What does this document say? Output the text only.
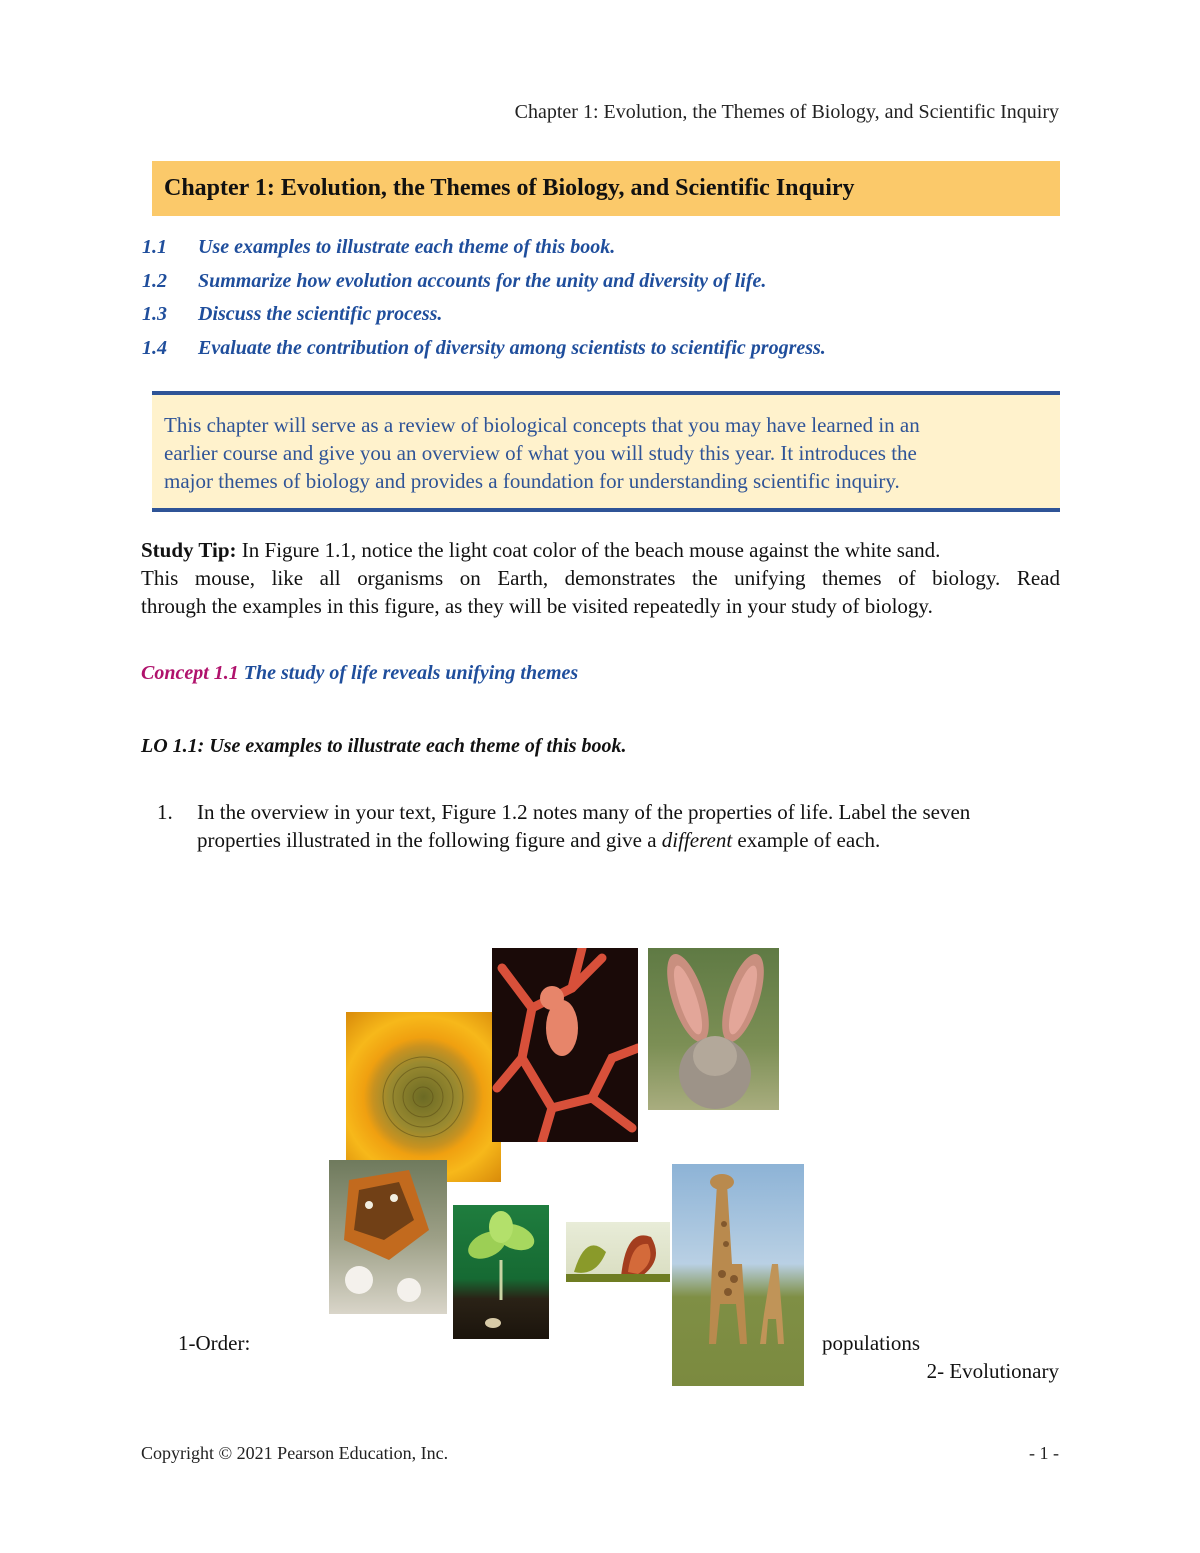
Chapter 1: Evolution, the Themes of Biology, and Scientific Inquiry
Chapter 1: Evolution, the Themes of Biology, and Scientific Inquiry
1.1	Use examples to illustrate each theme of this book.
1.2	Summarize how evolution accounts for the unity and diversity of life.
1.3	Discuss the scientific process.
1.4	Evaluate the contribution of diversity among scientists to scientific progress.
This chapter will serve as a review of biological concepts that you may have learned in an
earlier course and give you an overview of what you will study this year. It introduces the
major themes of biology and provides a foundation for understanding scientific inquiry.
Study Tip: In Figure 1.1, notice the light coat color of the beach mouse against the white sand.
This mouse, like all organisms on Earth, demonstrates the unifying themes of biology. Read
through the examples in this figure, as they will be visited repeatedly in your study of biology.
Concept 1.1 The study of life reveals unifying themes
LO 1.1: Use examples to illustrate each theme of this book.
1. In the overview in your text, Figure 1.2 notes many of the properties of life. Label the seven
properties illustrated in the following figure and give a different example of each.
1-Order:	populations
2- Evolutionary
Copyright © 2021 Pearson Education, Inc.	- 1 -
